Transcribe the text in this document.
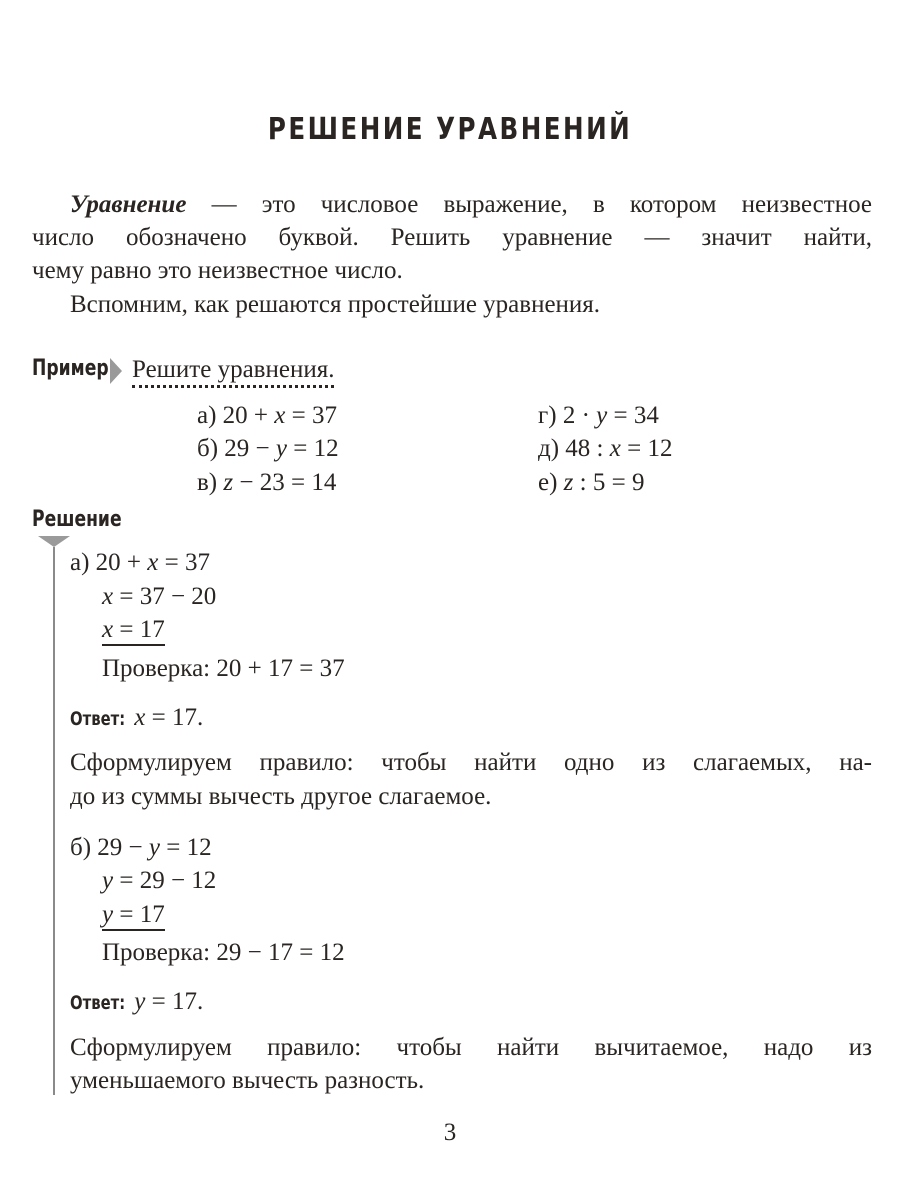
РЕШЕНИЕ УРАВНЕНИЙ
Уравнение — это числовое выражение, в котором неизвестное
число обозначено буквой. Решить уравнение — значит найти,
чему равно это неизвестное число.
Вспомним, как решаются простейшие уравнения.
Пример Решите уравнения.
а) 20 + x = 37
б) 29 − y = 12
в) z − 23 = 14
г) 2 · y = 34
д) 48 : x = 12
е) z : 5 = 9
Решение
а) 20 + x = 37
x = 37 − 20
x = 17
Проверка: 20 + 17 = 37
Ответ: x = 17.
Сформулируем правило: чтобы найти одно из слагаемых, на-
до из суммы вычесть другое слагаемое.
б) 29 − y = 12
y = 29 − 12
y = 17
Проверка: 29 − 17 = 12
Ответ: y = 17.
Сформулируем правило: чтобы найти вычитаемое, надо из
уменьшаемого вычесть разность.
3
